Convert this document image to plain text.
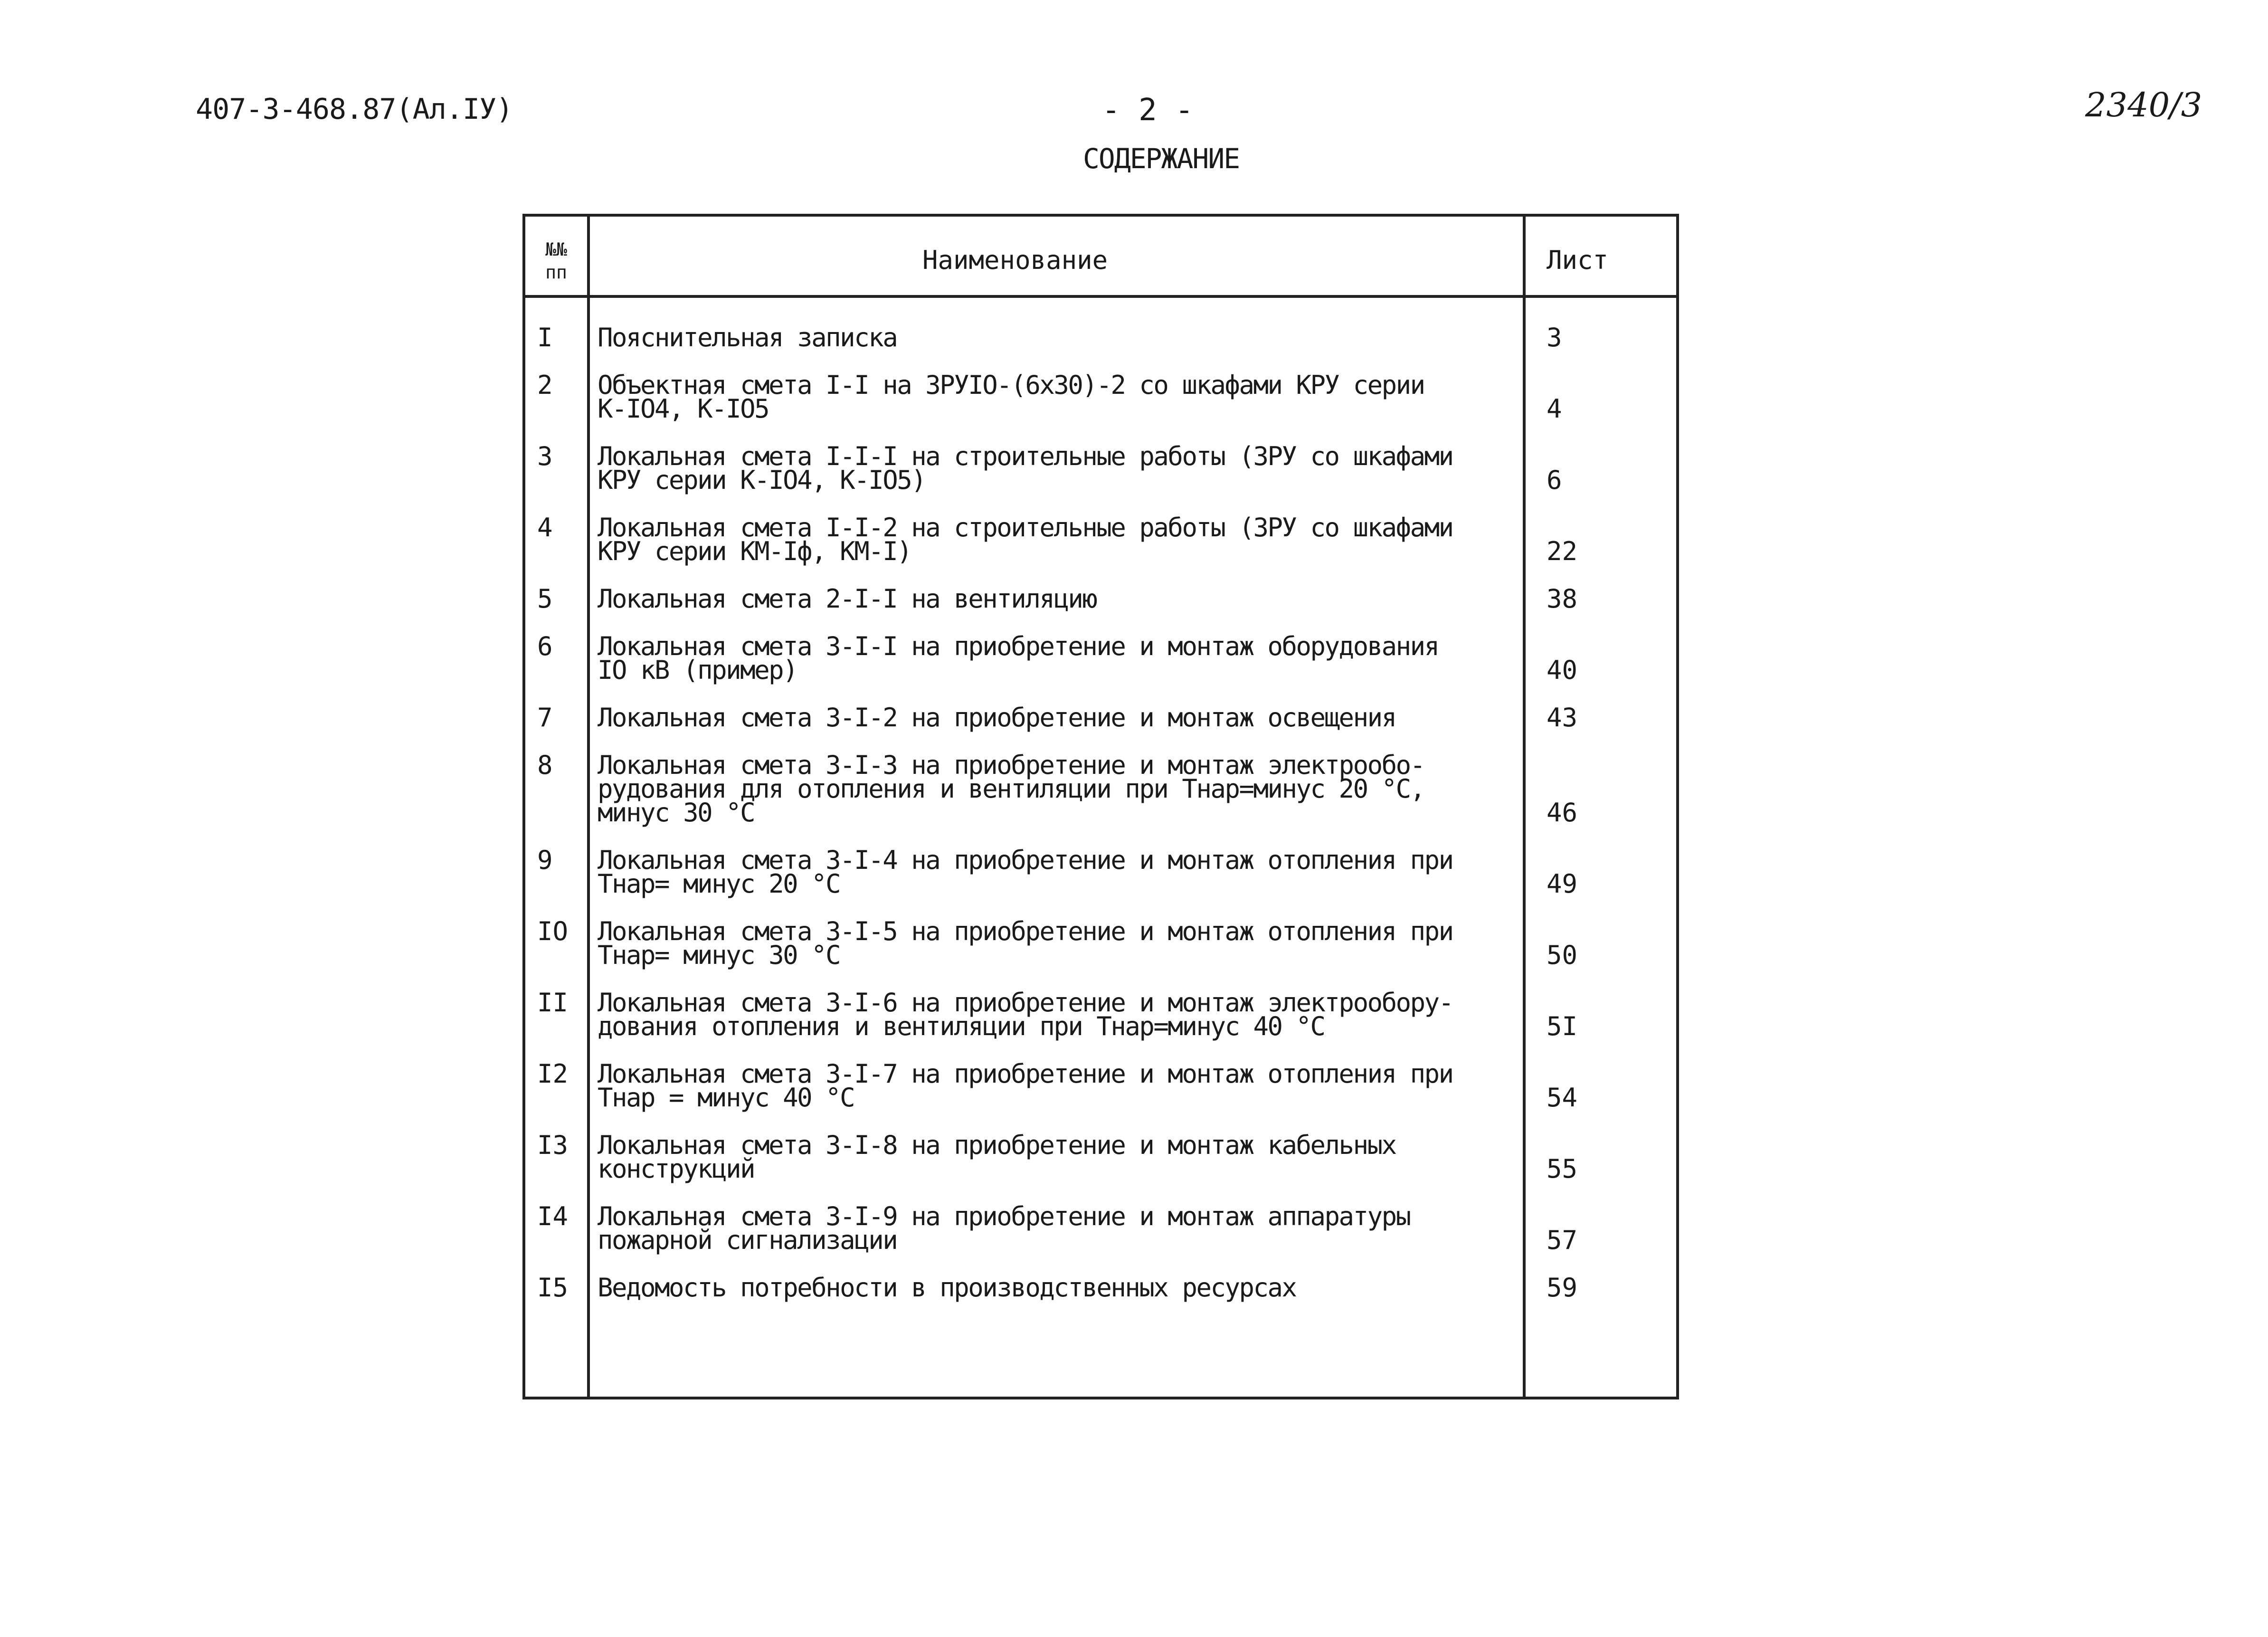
407-3-468.87(Ал.IУ)	- 2 -	2340/3
СОДЕРЖАНИЕ
№№
пп	Наименование	Лист
I	Пояснительная записка	3
2	Объектная смета I-I на ЗРУIО-(6х30)-2 со шкафами КРУ серии
К-IО4, К-IО5	4
3	Локальная смета I-I-I на строительные работы (ЗРУ со шкафами
КРУ серии К-IО4, К-IО5)	6
4	Локальная смета I-I-2 на строительные работы (ЗРУ со шкафами
КРУ серии КМ-Iф, КМ-I)	22
5	Локальная смета 2-I-I на вентиляцию	38
6	Локальная смета 3-I-I на приобретение и монтаж оборудования
IО кВ (пример)	40
7	Локальная смета 3-I-2 на приобретение и монтаж освещения	43
8	Локальная смета 3-I-3 на приобретение и монтаж электрообо-
рудования для отопления и вентиляции при Тнар=минус 20 °С,
минус 30 °С	46
9	Локальная смета 3-I-4 на приобретение и монтаж отопления при
Тнар= минус 20 °С	49
IО	Локальная смета 3-I-5 на приобретение и монтаж отопления при
Тнар= минус 30 °С	50
II	Локальная смета 3-I-6 на приобретение и монтаж электрообору-
дования отопления и вентиляции при Тнар=минус 40 °С	5I
I2	Локальная смета 3-I-7 на приобретение и монтаж отопления при
Тнар = минус 40 °С	54
I3	Локальная смета 3-I-8 на приобретение и монтаж кабельных
конструкций	55
I4	Локальная смета 3-I-9 на приобретение и монтаж аппаратуры
пожарной сигнализации	57
I5	Ведомость потребности в производственных ресурсах	59
